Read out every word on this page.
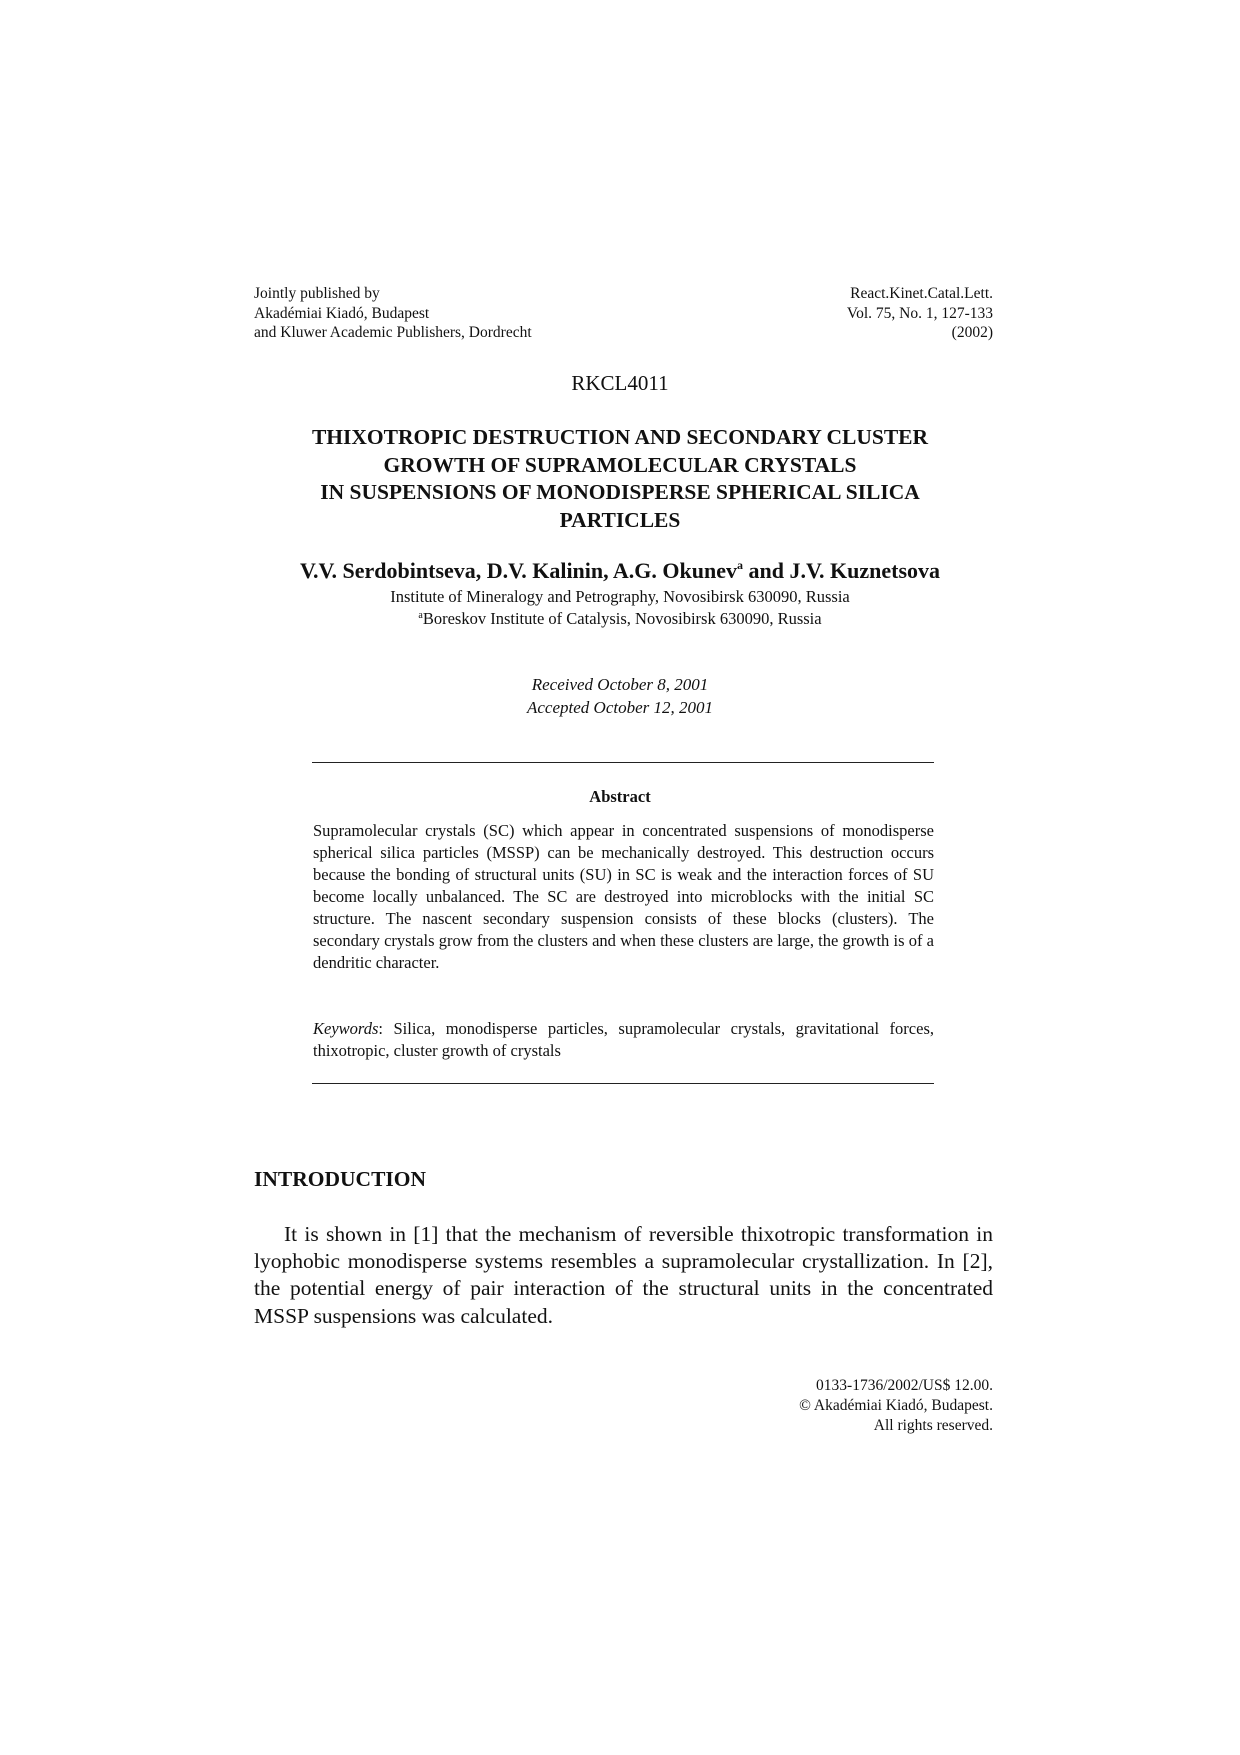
Jointly published by
Akadémiai Kiadó, Budapest
and Kluwer Academic Publishers, Dordrecht
React.Kinet.Catal.Lett.
Vol. 75, No. 1, 127-133
(2002)
RKCL4011
THIXOTROPIC DESTRUCTION AND SECONDARY CLUSTER
GROWTH OF SUPRAMOLECULAR CRYSTALS
IN SUSPENSIONS OF MONODISPERSE SPHERICAL SILICA
PARTICLES
V.V. Serdobintseva, D.V. Kalinin, A.G. Okunev$^a$ and J.V. Kuznetsova
Institute of Mineralogy and Petrography, Novosibirsk 630090, Russia
$^a$Boreskov Institute of Catalysis, Novosibirsk 630090, Russia
Received October 8, 2001
Accepted October 12, 2001
Abstract
Supramolecular crystals (SC) which appear in concentrated suspensions of monodisperse spherical silica particles (MSSP) can be mechanically destroyed. This destruction occurs because the bonding of structural units (SU) in SC is weak and the interaction forces of SU become locally unbalanced. The SC are destroyed into microblocks with the initial SC structure. The nascent secondary suspension consists of these blocks (clusters). The secondary crystals grow from the clusters and when these clusters are large, the growth is of a dendritic character.
Keywords: Silica, monodisperse particles, supramolecular crystals, gravitational forces, thixotropic, cluster growth of crystals
INTRODUCTION
It is shown in [1] that the mechanism of reversible thixotropic transformation in lyophobic monodisperse systems resembles a supramolecular crystallization. In [2], the potential energy of pair interaction of the structural units in the concentrated MSSP suspensions was calculated.
0133-1736/2002/US$ 12.00.
© Akadémiai Kiadó, Budapest.
All rights reserved.
